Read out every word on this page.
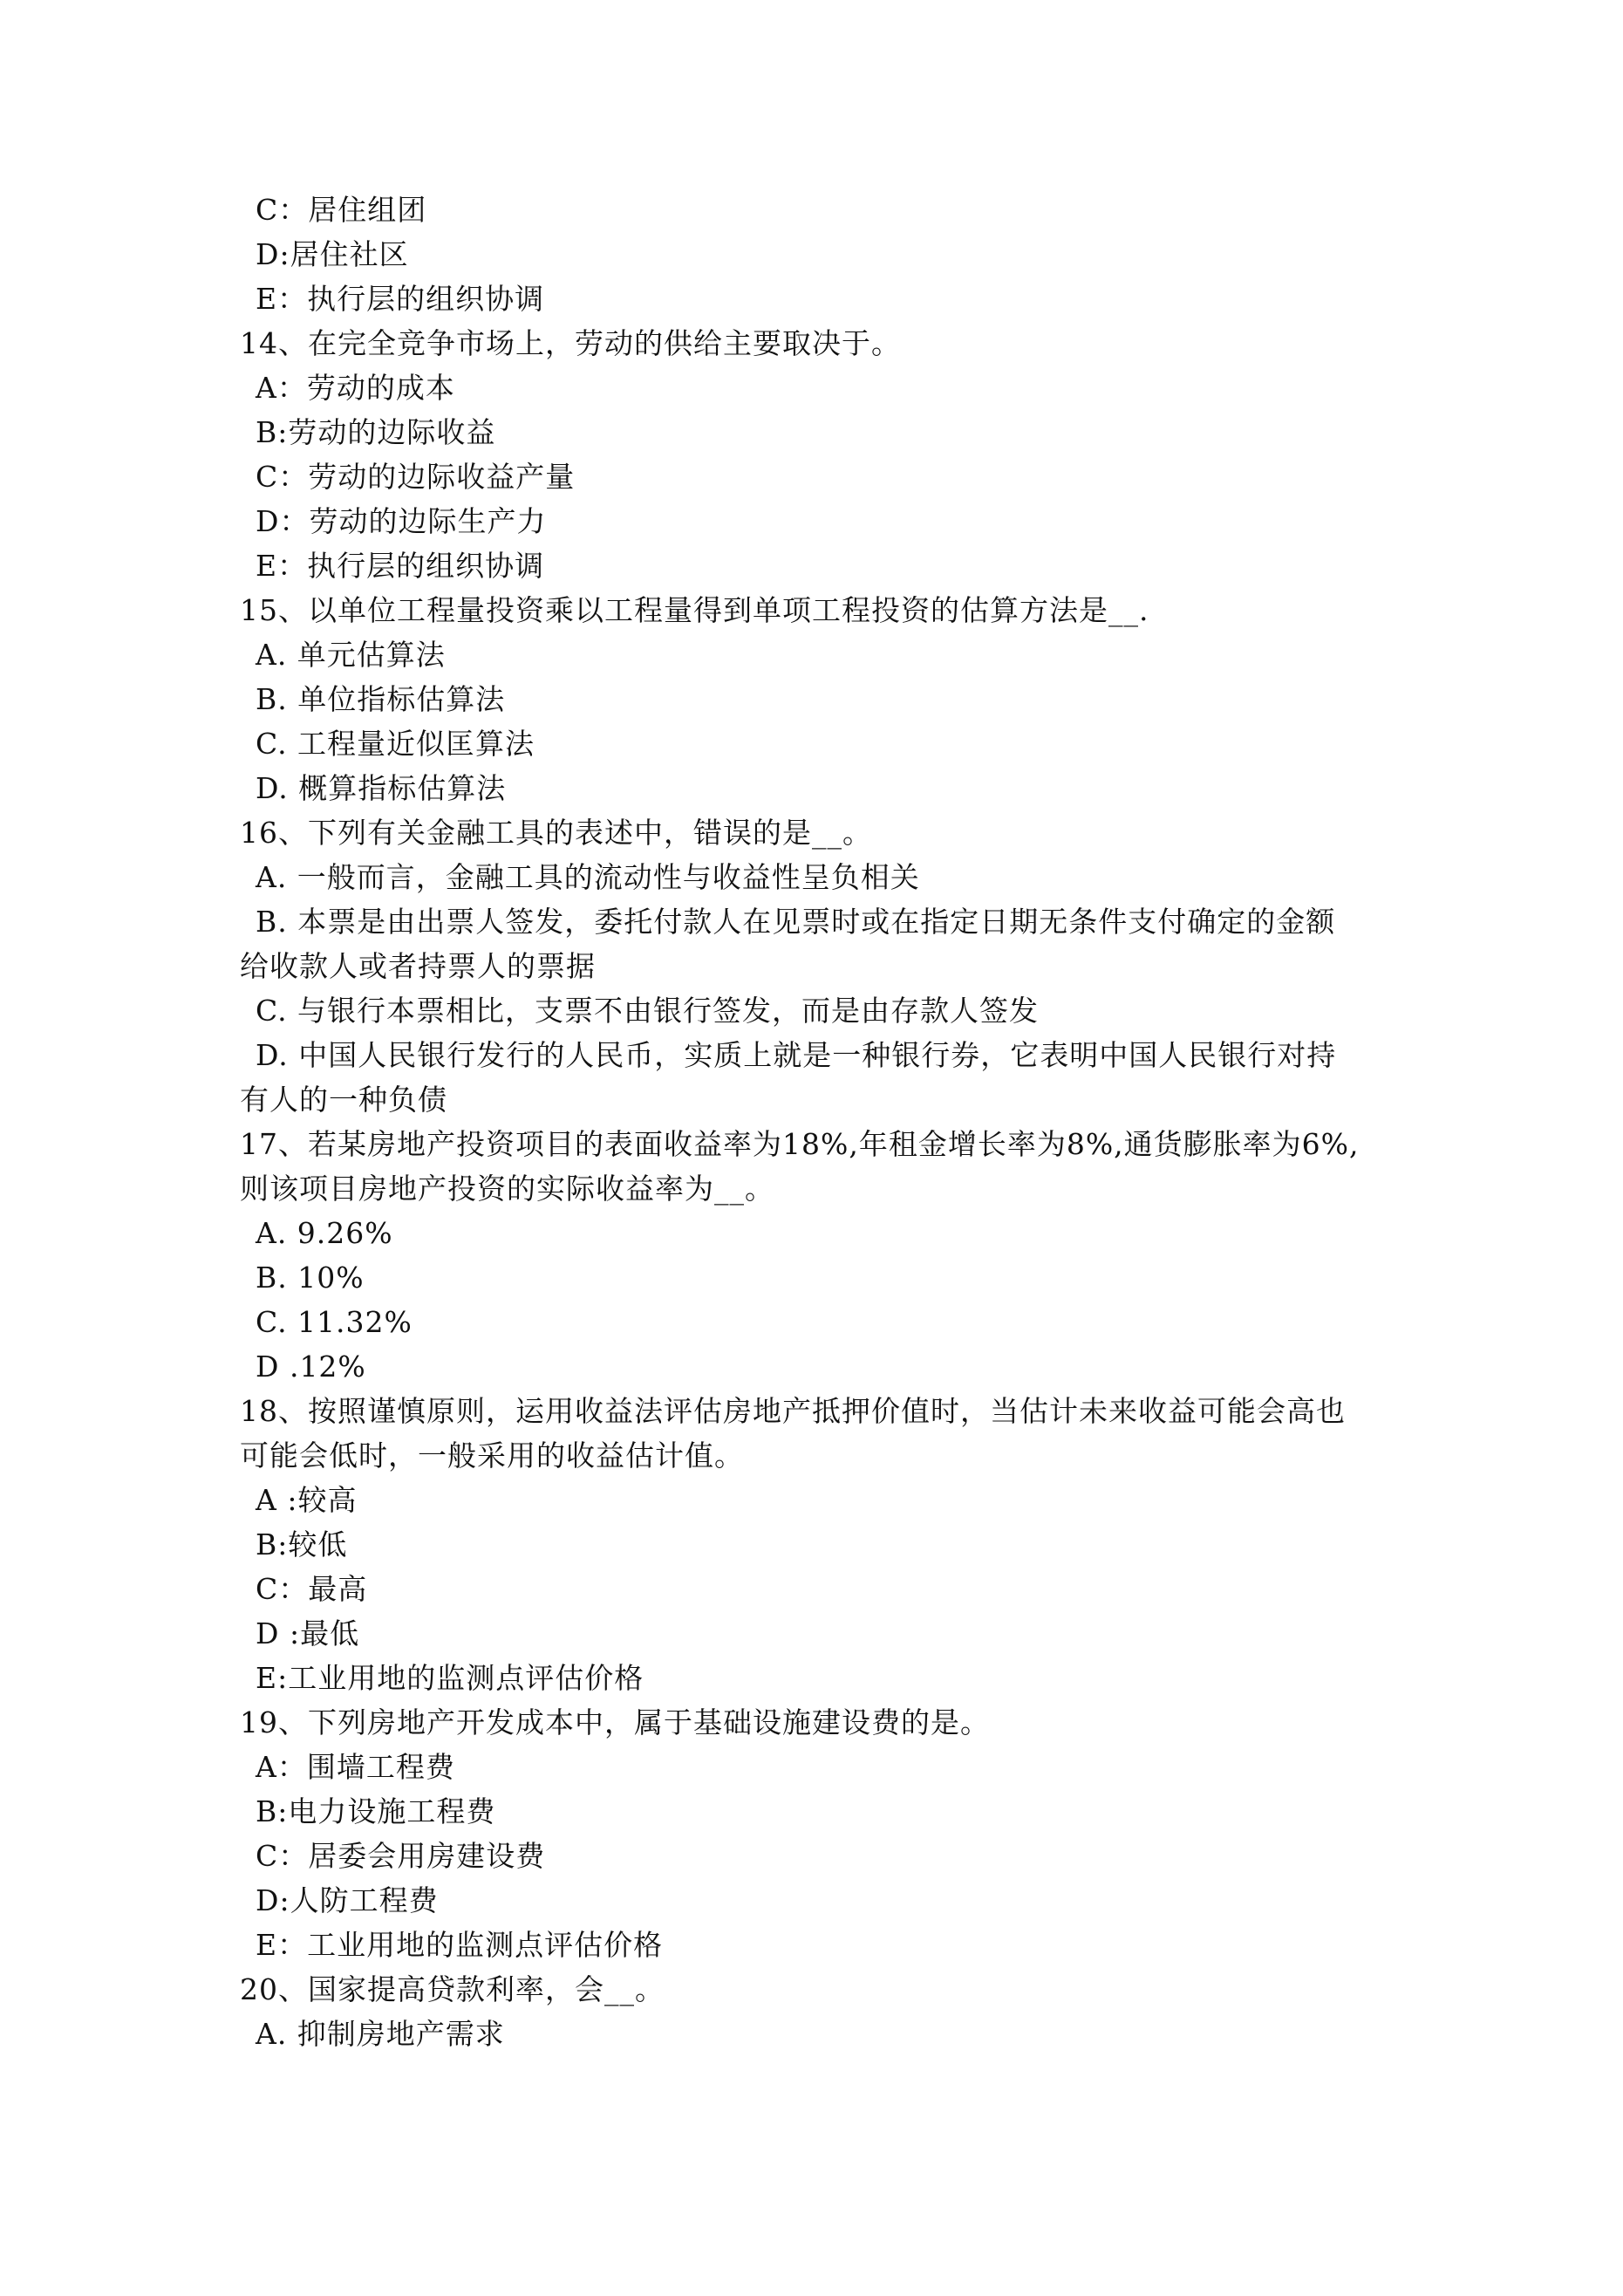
C：居住组团
D:居住社区
E：执行层的组织协调
14、在完全竞争市场上，劳动的供给主要取决于。
A：劳动的成本
B:劳动的边际收益
C：劳动的边际收益产量
D：劳动的边际生产力
E：执行层的组织协调
15、以单位工程量投资乘以工程量得到单项工程投资的估算方法是__.
A. 单元估算法
B. 单位指标估算法
C. 工程量近似匡算法
D. 概算指标估算法
16、下列有关金融工具的表述中，错误的是__。
A. 一般而言，金融工具的流动性与收益性呈负相关
B. 本票是由出票人签发，委托付款人在见票时或在指定日期无条件支付确定的金额
给收款人或者持票人的票据
C. 与银行本票相比，支票不由银行签发，而是由存款人签发
D. 中国人民银行发行的人民币，实质上就是一种银行券，它表明中国人民银行对持
有人的一种负债
17、若某房地产投资项目的表面收益率为18%,年租金增长率为8%,通货膨胀率为6%,
则该项目房地产投资的实际收益率为__。
A. 9.26%
B. 10%
C. 11.32%
D .12%
18、按照谨慎原则，运用收益法评估房地产抵押价值时，当估计未来收益可能会高也
可能会低时，一般采用的收益估计值。
A :较高
B:较低
C：最高
D :最低
E:工业用地的监测点评估价格
19、下列房地产开发成本中，属于基础设施建设费的是。
A：围墙工程费
B:电力设施工程费
C：居委会用房建设费
D:人防工程费
E：工业用地的监测点评估价格
20、国家提高贷款利率，会__。
A. 抑制房地产需求
